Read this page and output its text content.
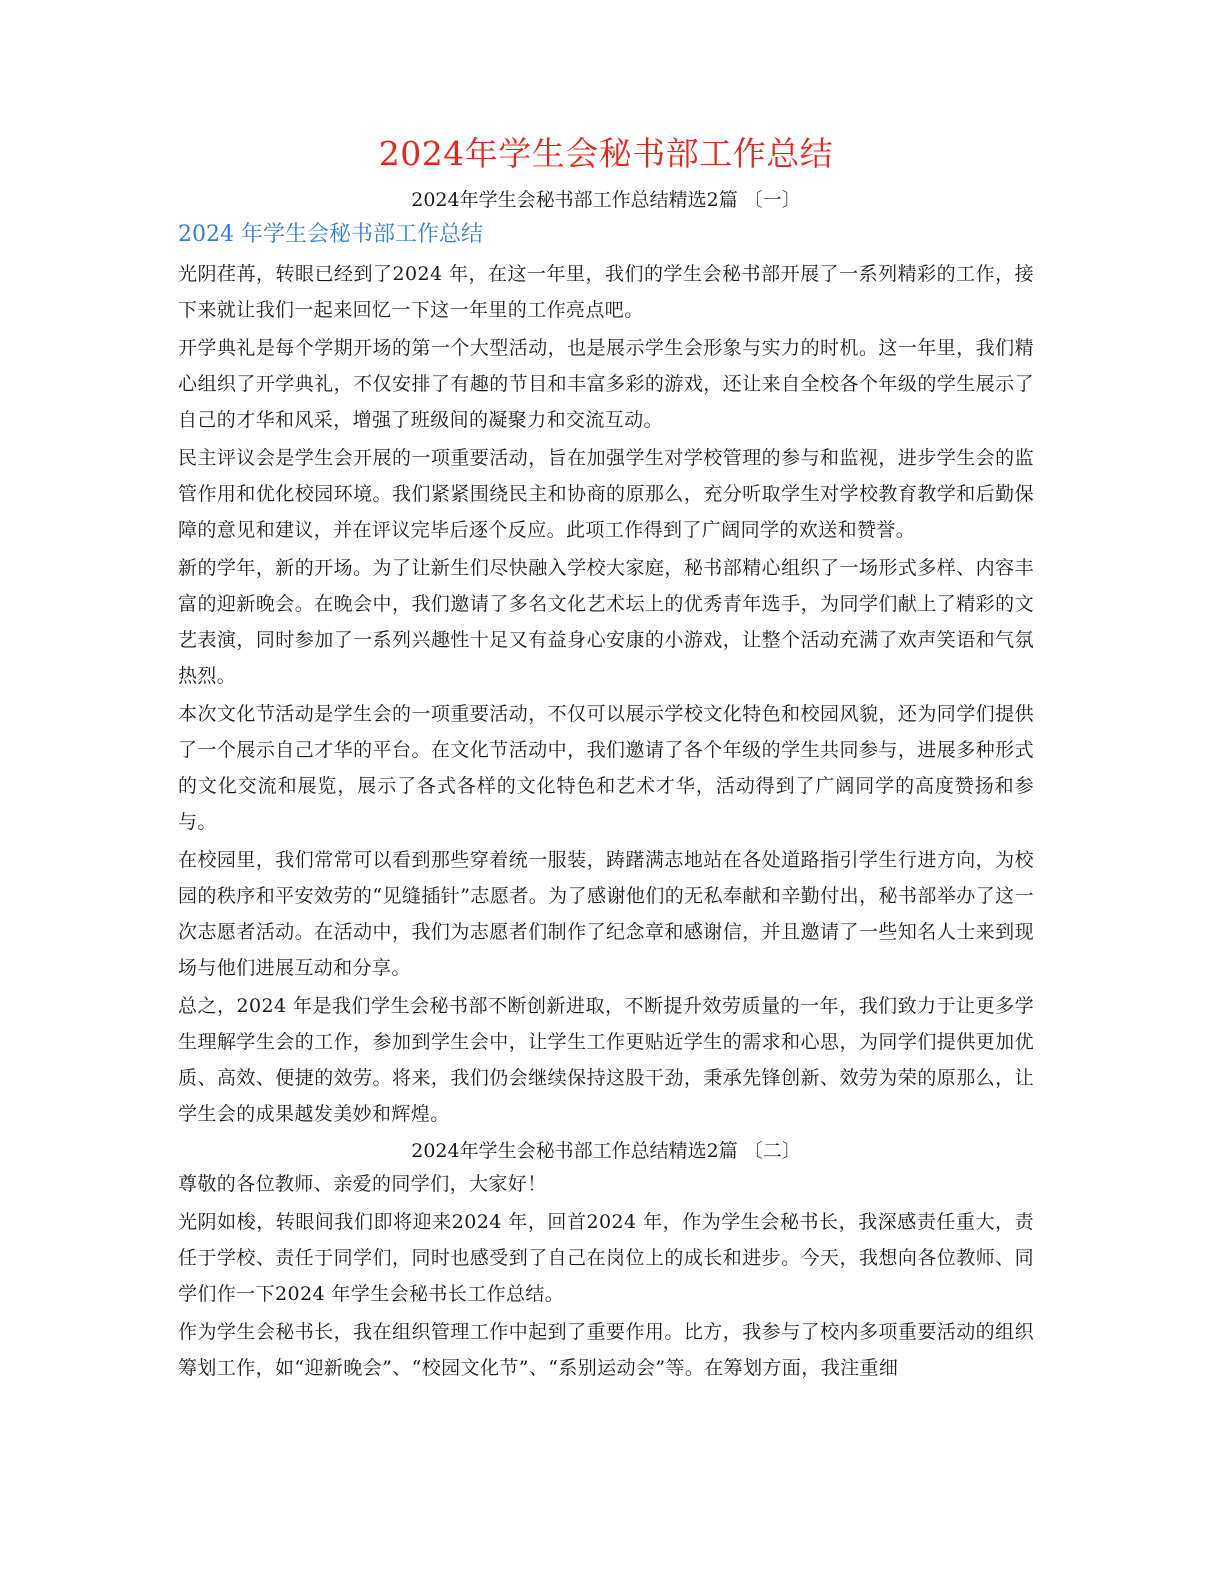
2024年学生会秘书部工作总结
2024年学生会秘书部工作总结精选2篇 〔一〕
2024 年学生会秘书部工作总结

光阴荏苒，转眼已经到了2024 年，在这一年里，我们的学生会秘书部开展了一系列精彩的工作，接下来就让我们一起来回忆一下这一年里的工作亮点吧。

开学典礼是每个学期开场的第一个大型活动，也是展示学生会形象与实力的时机。这一年里，我们精心组织了开学典礼，不仅安排了有趣的节目和丰富多彩的游戏，还让来自全校各个年级的学生展示了自己的才华和风采，增强了班级间的凝聚力和交流互动。

民主评议会是学生会开展的一项重要活动，旨在加强学生对学校管理的参与和监视，进步学生会的监管作用和优化校园环境。我们紧紧围绕民主和协商的原那么，充分听取学生对学校教育教学和后勤保障的意见和建议，并在评议完毕后逐个反应。此项工作得到了广阔同学的欢送和赞誉。

新的学年，新的开场。为了让新生们尽快融入学校大家庭，秘书部精心组织了一场形式多样、内容丰富的迎新晚会。在晚会中，我们邀请了多名文化艺术坛上的优秀青年选手，为同学们献上了精彩的文艺表演，同时参加了一系列兴趣性十足又有益身心安康的小游戏，让整个活动充满了欢声笑语和气氛热烈。

本次文化节活动是学生会的一项重要活动，不仅可以展示学校文化特色和校园风貌，还为同学们提供了一个展示自己才华的平台。在文化节活动中，我们邀请了各个年级的学生共同参与，进展多种形式的文化交流和展览，展示了各式各样的文化特色和艺术才华，活动得到了广阔同学的高度赞扬和参与。

在校园里，我们常常可以看到那些穿着统一服装，踌躇满志地站在各处道路指引学生行进方向，为校园的秩序和平安效劳的“见缝插针”志愿者。为了感谢他们的无私奉献和辛勤付出，秘书部举办了这一次志愿者活动。在活动中，我们为志愿者们制作了纪念章和感谢信，并且邀请了一些知名人士来到现场与他们进展互动和分享。

总之，2024 年是我们学生会秘书部不断创新进取，不断提升效劳质量的一年，我们致力于让更多学生理解学生会的工作，参加到学生会中，让学生工作更贴近学生的需求和心思，为同学们提供更加优质、高效、便捷的效劳。将来，我们仍会继续保持这股干劲，秉承先锋创新、效劳为荣的原那么，让学生会的成果越发美妙和辉煌。

2024年学生会秘书部工作总结精选2篇 〔二〕

尊敬的各位教师、亲爱的同学们，大家好！

光阴如梭，转眼间我们即将迎来2024 年，回首2024 年，作为学生会秘书长，我深感责任重大，责任于学校、责任于同学们，同时也感受到了自己在岗位上的成长和进步。今天，我想向各位教师、同学们作一下2024 年学生会秘书长工作总结。

作为学生会秘书长，我在组织管理工作中起到了重要作用。比方，我参与了校内多项重要活动的组织筹划工作，如“迎新晚会”、“校园文化节”、“系别运动会”等。在筹划方面，我注重细
